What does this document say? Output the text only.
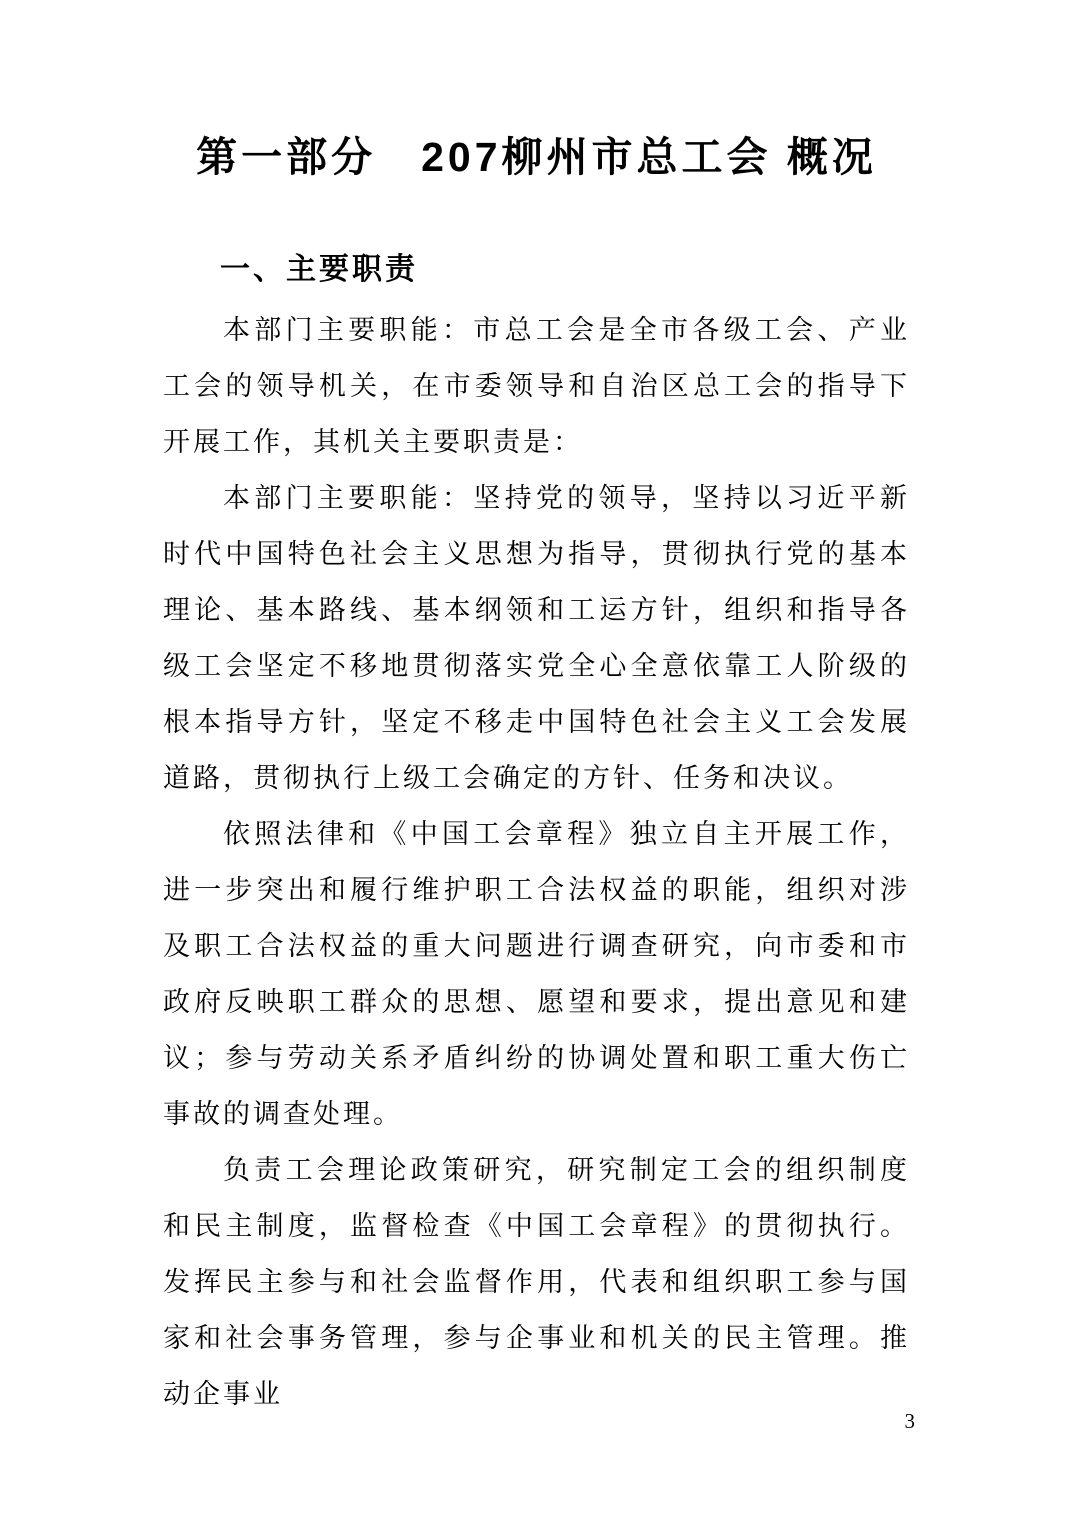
第一部分　207柳州市总工会 概况
一、主要职责

本部门主要职能：市总工会是全市各级工会、产业工会的领导机关，在市委领导和自治区总工会的指导下开展工作，其机关主要职责是：

本部门主要职能：坚持党的领导，坚持以习近平新时代中国特色社会主义思想为指导，贯彻执行党的基本理论、基本路线、基本纲领和工运方针，组织和指导各级工会坚定不移地贯彻落实党全心全意依靠工人阶级的根本指导方针，坚定不移走中国特色社会主义工会发展道路，贯彻执行上级工会确定的方针、任务和决议。

依照法律和《中国工会章程》独立自主开展工作，进一步突出和履行维护职工合法权益的职能，组织对涉及职工合法权益的重大问题进行调查研究，向市委和市政府反映职工群众的思想、愿望和要求，提出意见和建议；参与劳动关系矛盾纠纷的协调处置和职工重大伤亡事故的调查处理。

负责工会理论政策研究，研究制定工会的组织制度和民主制度，监督检查《中国工会章程》的贯彻执行。发挥民主参与和社会监督作用，代表和组织职工参与国家和社会事务管理，参与企事业和机关的民主管理。推动企事业

3
